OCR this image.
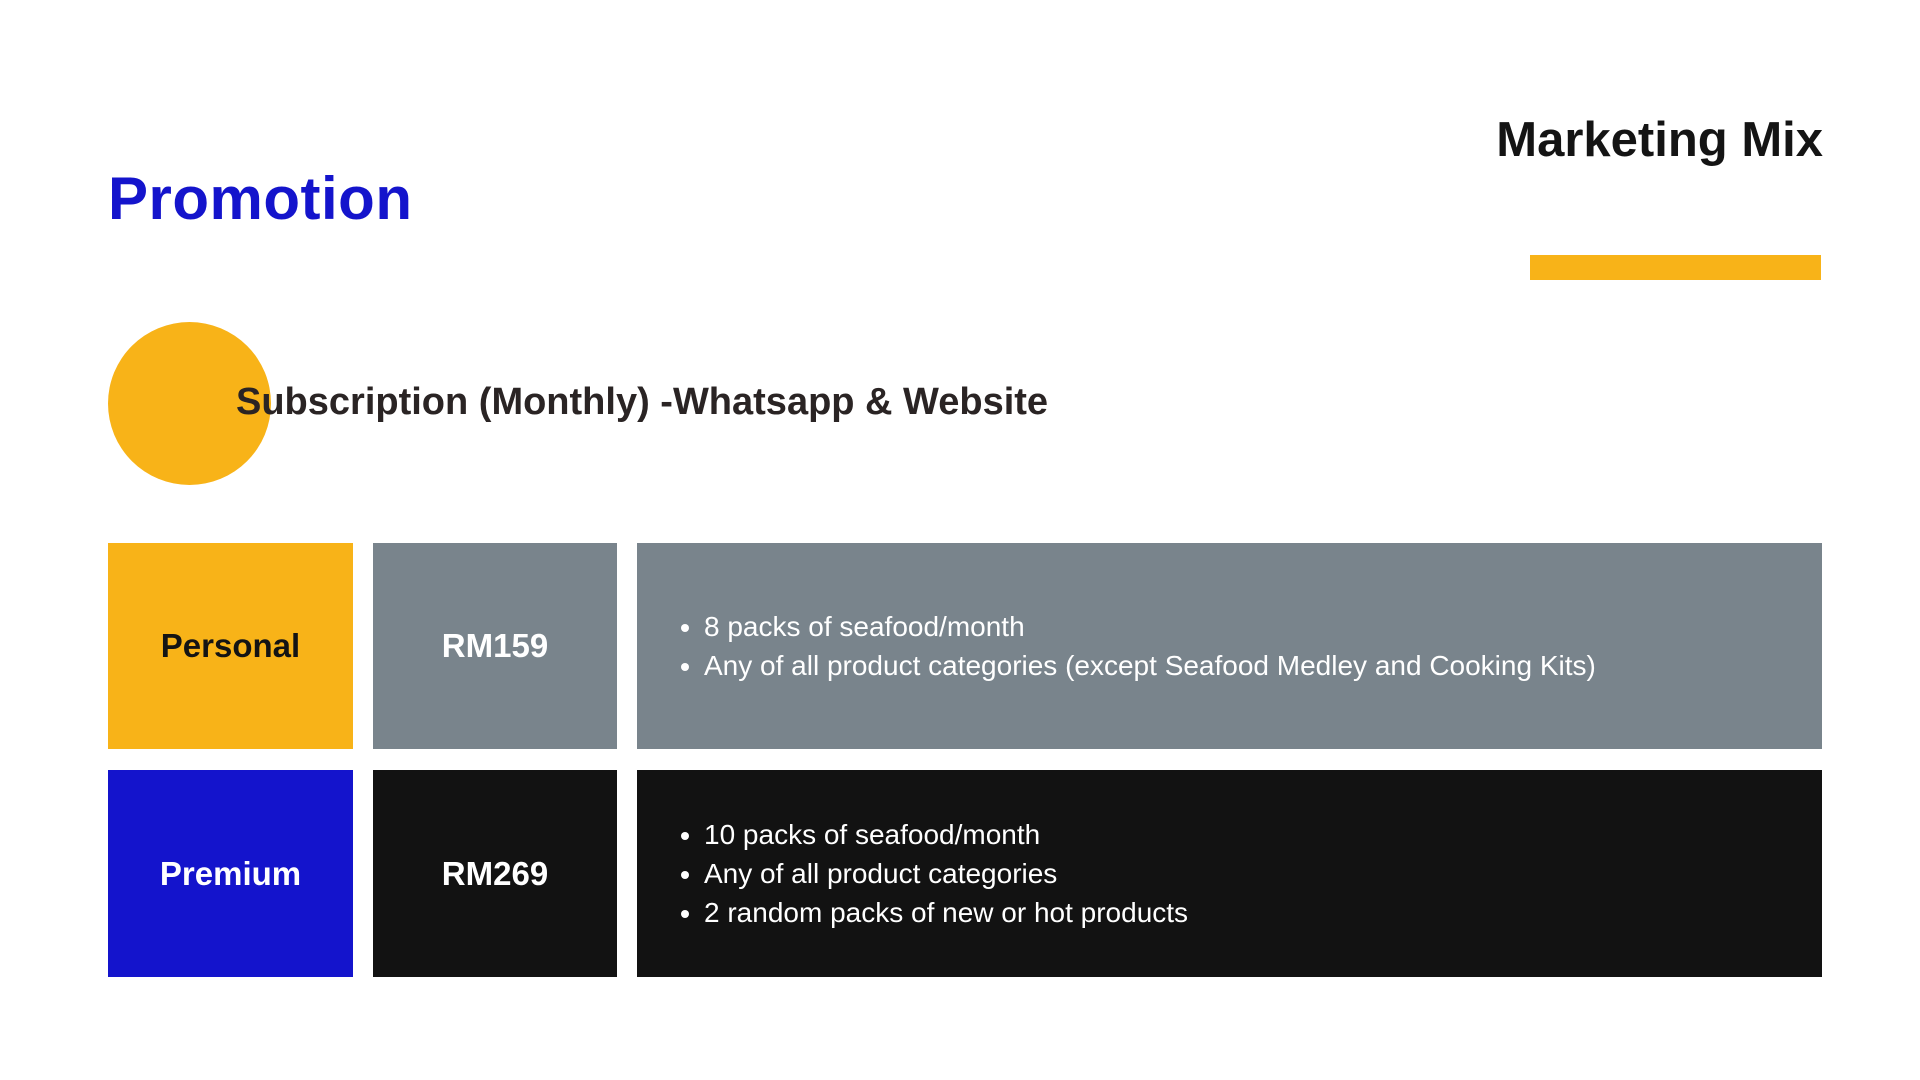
Promotion
Marketing Mix
Subscription (Monthly) -Whatsapp & Website
Personal	RM159
8 packs of seafood/month
Any of all product categories (except Seafood Medley and Cooking Kits)
Premium	RM269
10 packs of seafood/month
Any of all product categories
2 random packs of new or hot products
